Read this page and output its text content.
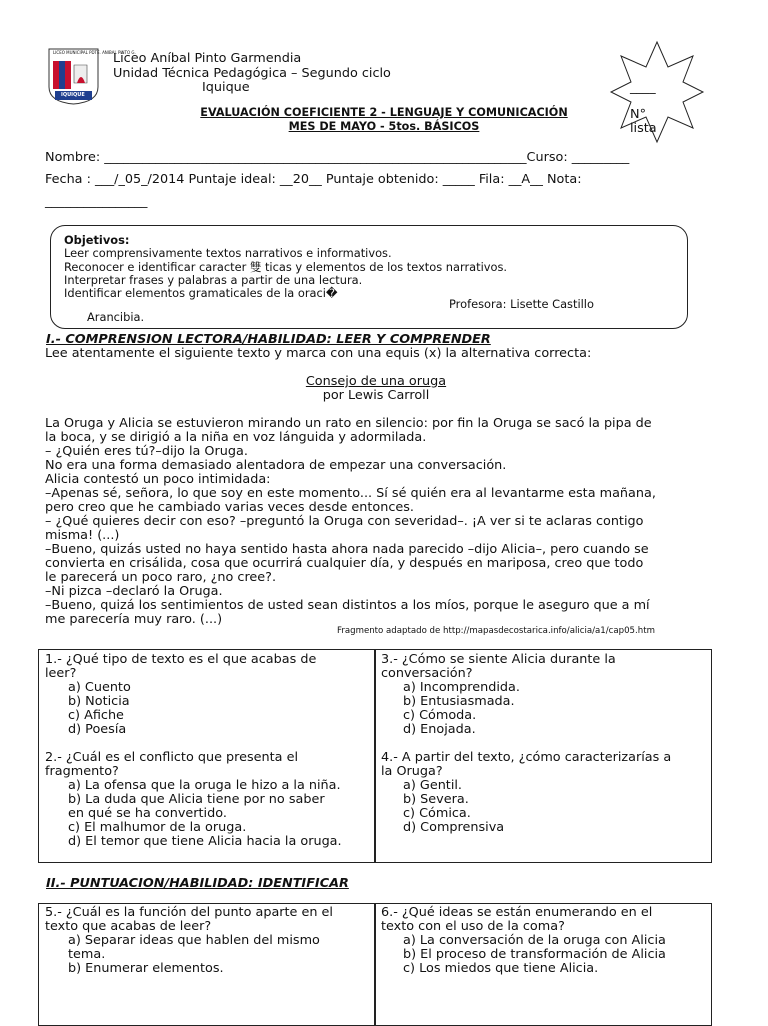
LICEO MUNICIPAL PDTE. ANIBAL PINTO G.
IQUIQUE
Liceo Aníbal Pinto Garmendia
Unidad Técnica Pedagógica – Segundo ciclo
Iquique
EVALUACIÓN COEFICIENTE 2 - LENGUAJE Y COMUNICACIÓN
MES DE MAYO - 5tos. BÁSICOS
____
N°
lista
Nombre: __________________________________________________________________Curso: _________
Fecha : ___/_05_/2014 Puntaje ideal: __20__ Puntaje obtenido: _____ Fila: __A__ Nota:
________________
Objetivos:
Leer comprensivamente textos narrativos e informativos.
Reconocer e identificar caracter 雙 ticas y elementos de los textos narrativos.
Interpretar frases y palabras a partir de una lectura.
Identificar elementos gramaticales de la oraci�
Profesora: Lisette Castillo
Arancibia.
I.- COMPRENSION LECTORA/HABILIDAD: LEER Y COMPRENDER
Lee atentamente el siguiente texto y marca con una equis (x) la alternativa correcta:
Consejo de una oruga
por Lewis Carroll
La Oruga y Alicia se estuvieron mirando un rato en silencio: por fin la Oruga se sacó la pipa de
la boca, y se dirigió a la niña en voz lánguida y adormilada.
– ¿Quién eres tú?–dijo la Oruga.
No era una forma demasiado alentadora de empezar una conversación.
Alicia contestó un poco intimidada:
–Apenas sé, señora, lo que soy en este momento... Sí sé quién era al levantarme esta mañana,
pero creo que he cambiado varias veces desde entonces.
– ¿Qué quieres decir con eso? –preguntó la Oruga con severidad–. ¡A ver si te aclaras contigo
misma! (...)
–Bueno, quizás usted no haya sentido hasta ahora nada parecido –dijo Alicia–, pero cuando se
convierta en crisálida, cosa que ocurrirá cualquier día, y después en mariposa, creo que todo
le parecerá un poco raro, ¿no cree?.
–Ni pizca –declaró la Oruga.
–Bueno, quizá los sentimientos de usted sean distintos a los míos, porque le aseguro que a mí
me parecería muy raro. (...)
Fragmento adaptado de http://mapasdecostarica.info/alicia/a1/cap05.htm
1.- ¿Qué tipo de texto es el que acabas de
leer?
a) Cuento
b) Noticia
c) Afiche
d) Poesía
2.- ¿Cuál es el conflicto que presenta el
fragmento?
a) La ofensa que la oruga le hizo a la niña.
b) La duda que Alicia tiene por no saber
en qué se ha convertido.
c) El malhumor de la oruga.
d) El temor que tiene Alicia hacia la oruga.
3.- ¿Cómo se siente Alicia durante la
conversación?
a) Incomprendida.
b) Entusiasmada.
c) Cómoda.
d) Enojada.
4.- A partir del texto, ¿cómo caracterizarías a
la Oruga?
a) Gentil.
b) Severa.
c) Cómica.
d) Comprensiva
II.- PUNTUACION/HABILIDAD: IDENTIFICAR
5.- ¿Cuál es la función del punto aparte en el
texto que acabas de leer?
a) Separar ideas que hablen del mismo
tema.
b) Enumerar elementos.
6.- ¿Qué ideas se están enumerando en el
texto con el uso de la coma?
a) La conversación de la oruga con Alicia
b) El proceso de transformación de Alicia
c) Los miedos que tiene Alicia.
